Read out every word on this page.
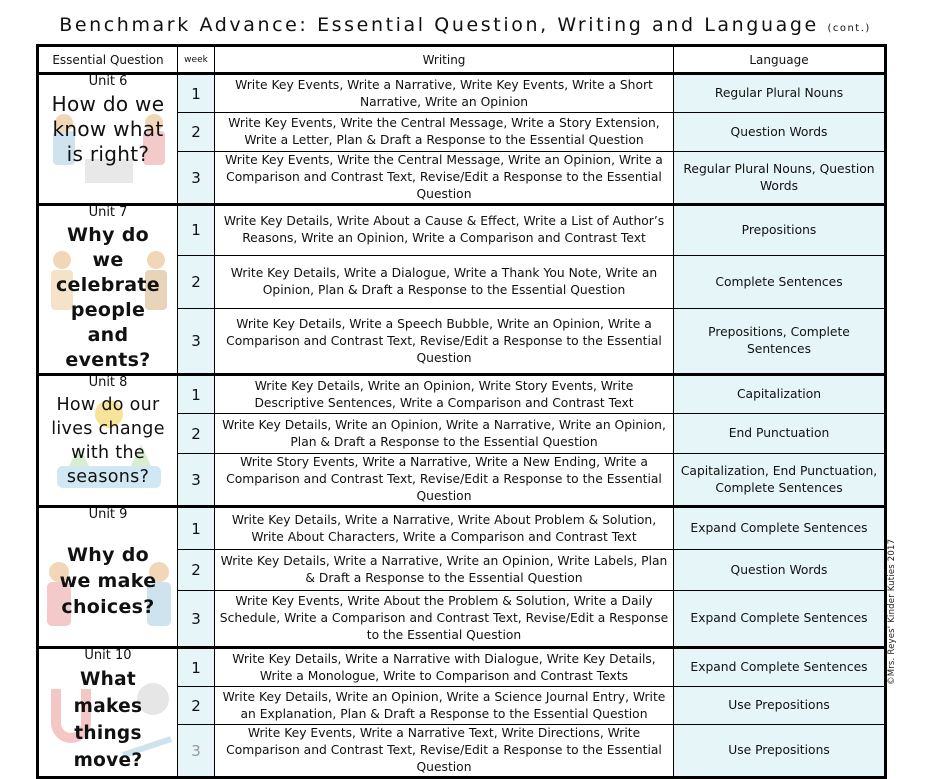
Benchmark Advance: Essential Question, Writing and Language (cont.)
Essential Question	week	Writing	Language

Unit 6
How do we know what is right?	1	Write Key Events, Write a Narrative, Write Key Events, Write a Short Narrative, Write an Opinion	Regular Plural Nouns
	2	Write Key Events, Write the Central Message, Write a Story Extension, Write a Letter, Plan & Draft a Response to the Essential Question	Question Words
	3	Write Key Events, Write the Central Message, Write an Opinion, Write a Comparison and Contrast Text, Revise/Edit a Response to the Essential Question	Regular Plural Nouns, Question Words

Unit 7
Why do we celebrate people and events?	1	Write Key Details, Write About a Cause & Effect, Write a List of Author’s Reasons, Write an Opinion, Write a Comparison and Contrast Text	Prepositions
	2	Write Key Details, Write a Dialogue, Write a Thank You Note, Write an Opinion, Plan & Draft a Response to the Essential Question	Complete Sentences
	3	Write Key Details, Write a Speech Bubble, Write an Opinion, Write a Comparison and Contrast Text, Revise/Edit a Response to the Essential Question	Prepositions, Complete Sentences

Unit 8
How do our lives change with the seasons?	1	Write Key Details, Write an Opinion, Write Story Events, Write Descriptive Sentences, Write a Comparison and Contrast Text	Capitalization
	2	Write Key Details, Write an Opinion, Write a Narrative, Write an Opinion, Plan & Draft a Response to the Essential Question	End Punctuation
	3	Write Story Events, Write a Narrative, Write a New Ending, Write a Comparison and Contrast Text, Revise/Edit a Response to the Essential Question	Capitalization, End Punctuation, Complete Sentences

Unit 9
Why do we make choices?	1	Write Key Details, Write a Narrative, Write About Problem & Solution, Write About Characters, Write a Comparison and Contrast Text	Expand Complete Sentences
	2	Write Key Details, Write a Narrative, Write an Opinion, Write Labels, Plan & Draft a Response to the Essential Question	Question Words
	3	Write Key Events, Write About the Problem & Solution, Write a Daily Schedule, Write a Comparison and Contrast Text, Revise/Edit a Response to the Essential Question	Expand Complete Sentences

Unit 10
What makes things move?	1	Write Key Details, Write a Narrative with Dialogue, Write Key Details, Write a Monologue, Write to Comparison and Contrast Texts	Expand Complete Sentences
	2	Write Key Details, Write an Opinion, Write a Science Journal Entry, Write an Explanation, Plan & Draft a Response to the Essential Question	Use Prepositions
	3	Write Key Events, Write a Narrative Text, Write Directions, Write Comparison and Contrast Text, Revise/Edit a Response to the Essential Question	Use Prepositions
©Mrs. Reyes' Kinder Kuties 2017
